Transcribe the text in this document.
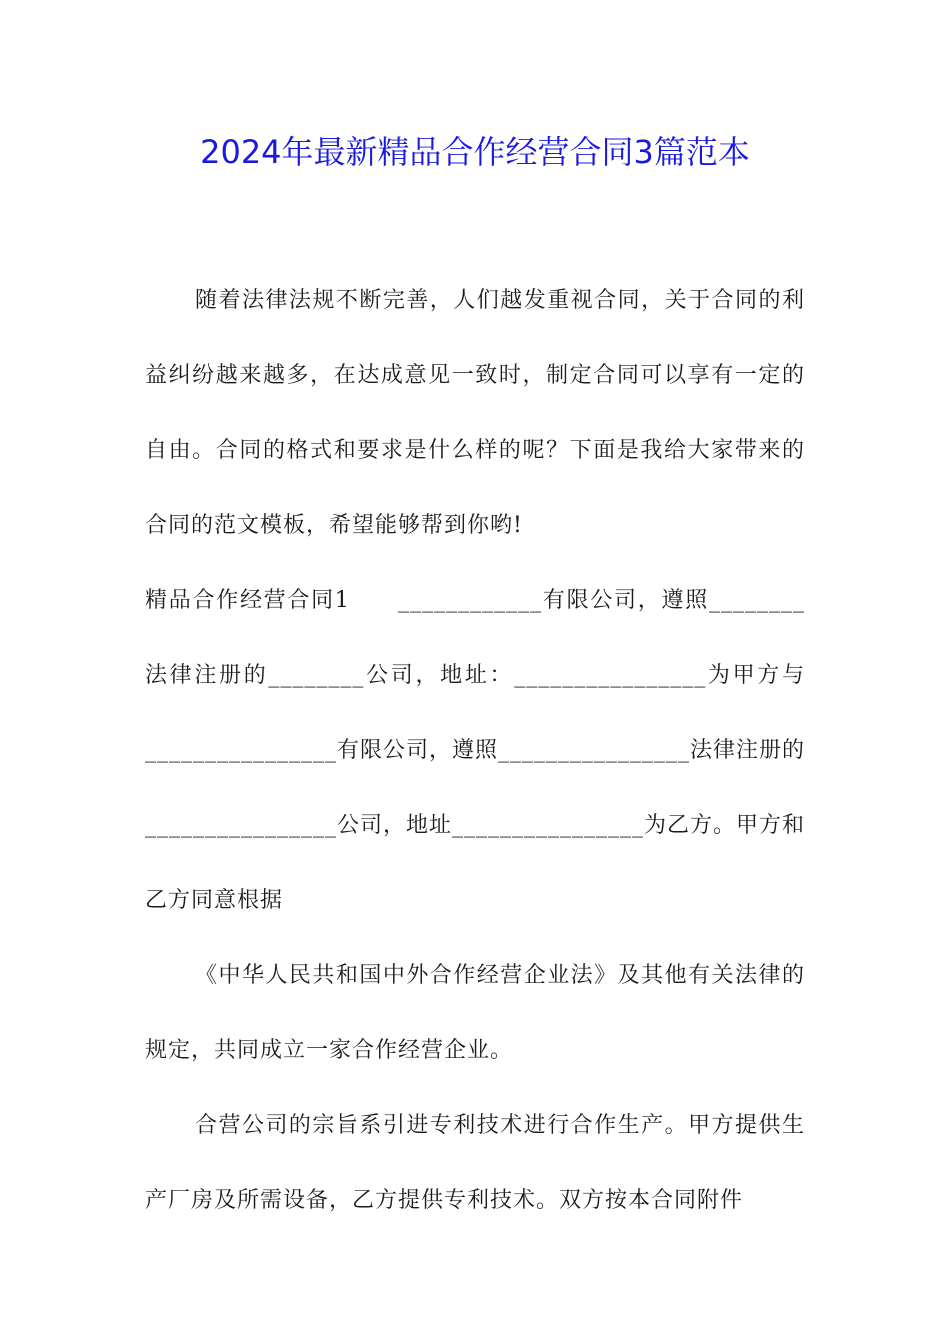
2024年最新精品合作经营合同3篇范本

随着法律法规不断完善，人们越发重视合同，关于合同的利益纠纷越来越多，在达成意见一致时，制定合同可以享有一定的自由。合同的格式和要求是什么样的呢？下面是我给大家带来的合同的范文模板，希望能够帮到你哟!

精品合作经营合同1　　____________有限公司，遵照________法律注册的________公司，地址：________________为甲方与________________有限公司，遵照________________法律注册的________________公司，地址________________为乙方。甲方和乙方同意根据

《中华人民共和国中外合作经营企业法》及其他有关法律的规定，共同成立一家合作经营企业。

合营公司的宗旨系引进专利技术进行合作生产。甲方提供生产厂房及所需设备，乙方提供专利技术。双方按本合同附件
